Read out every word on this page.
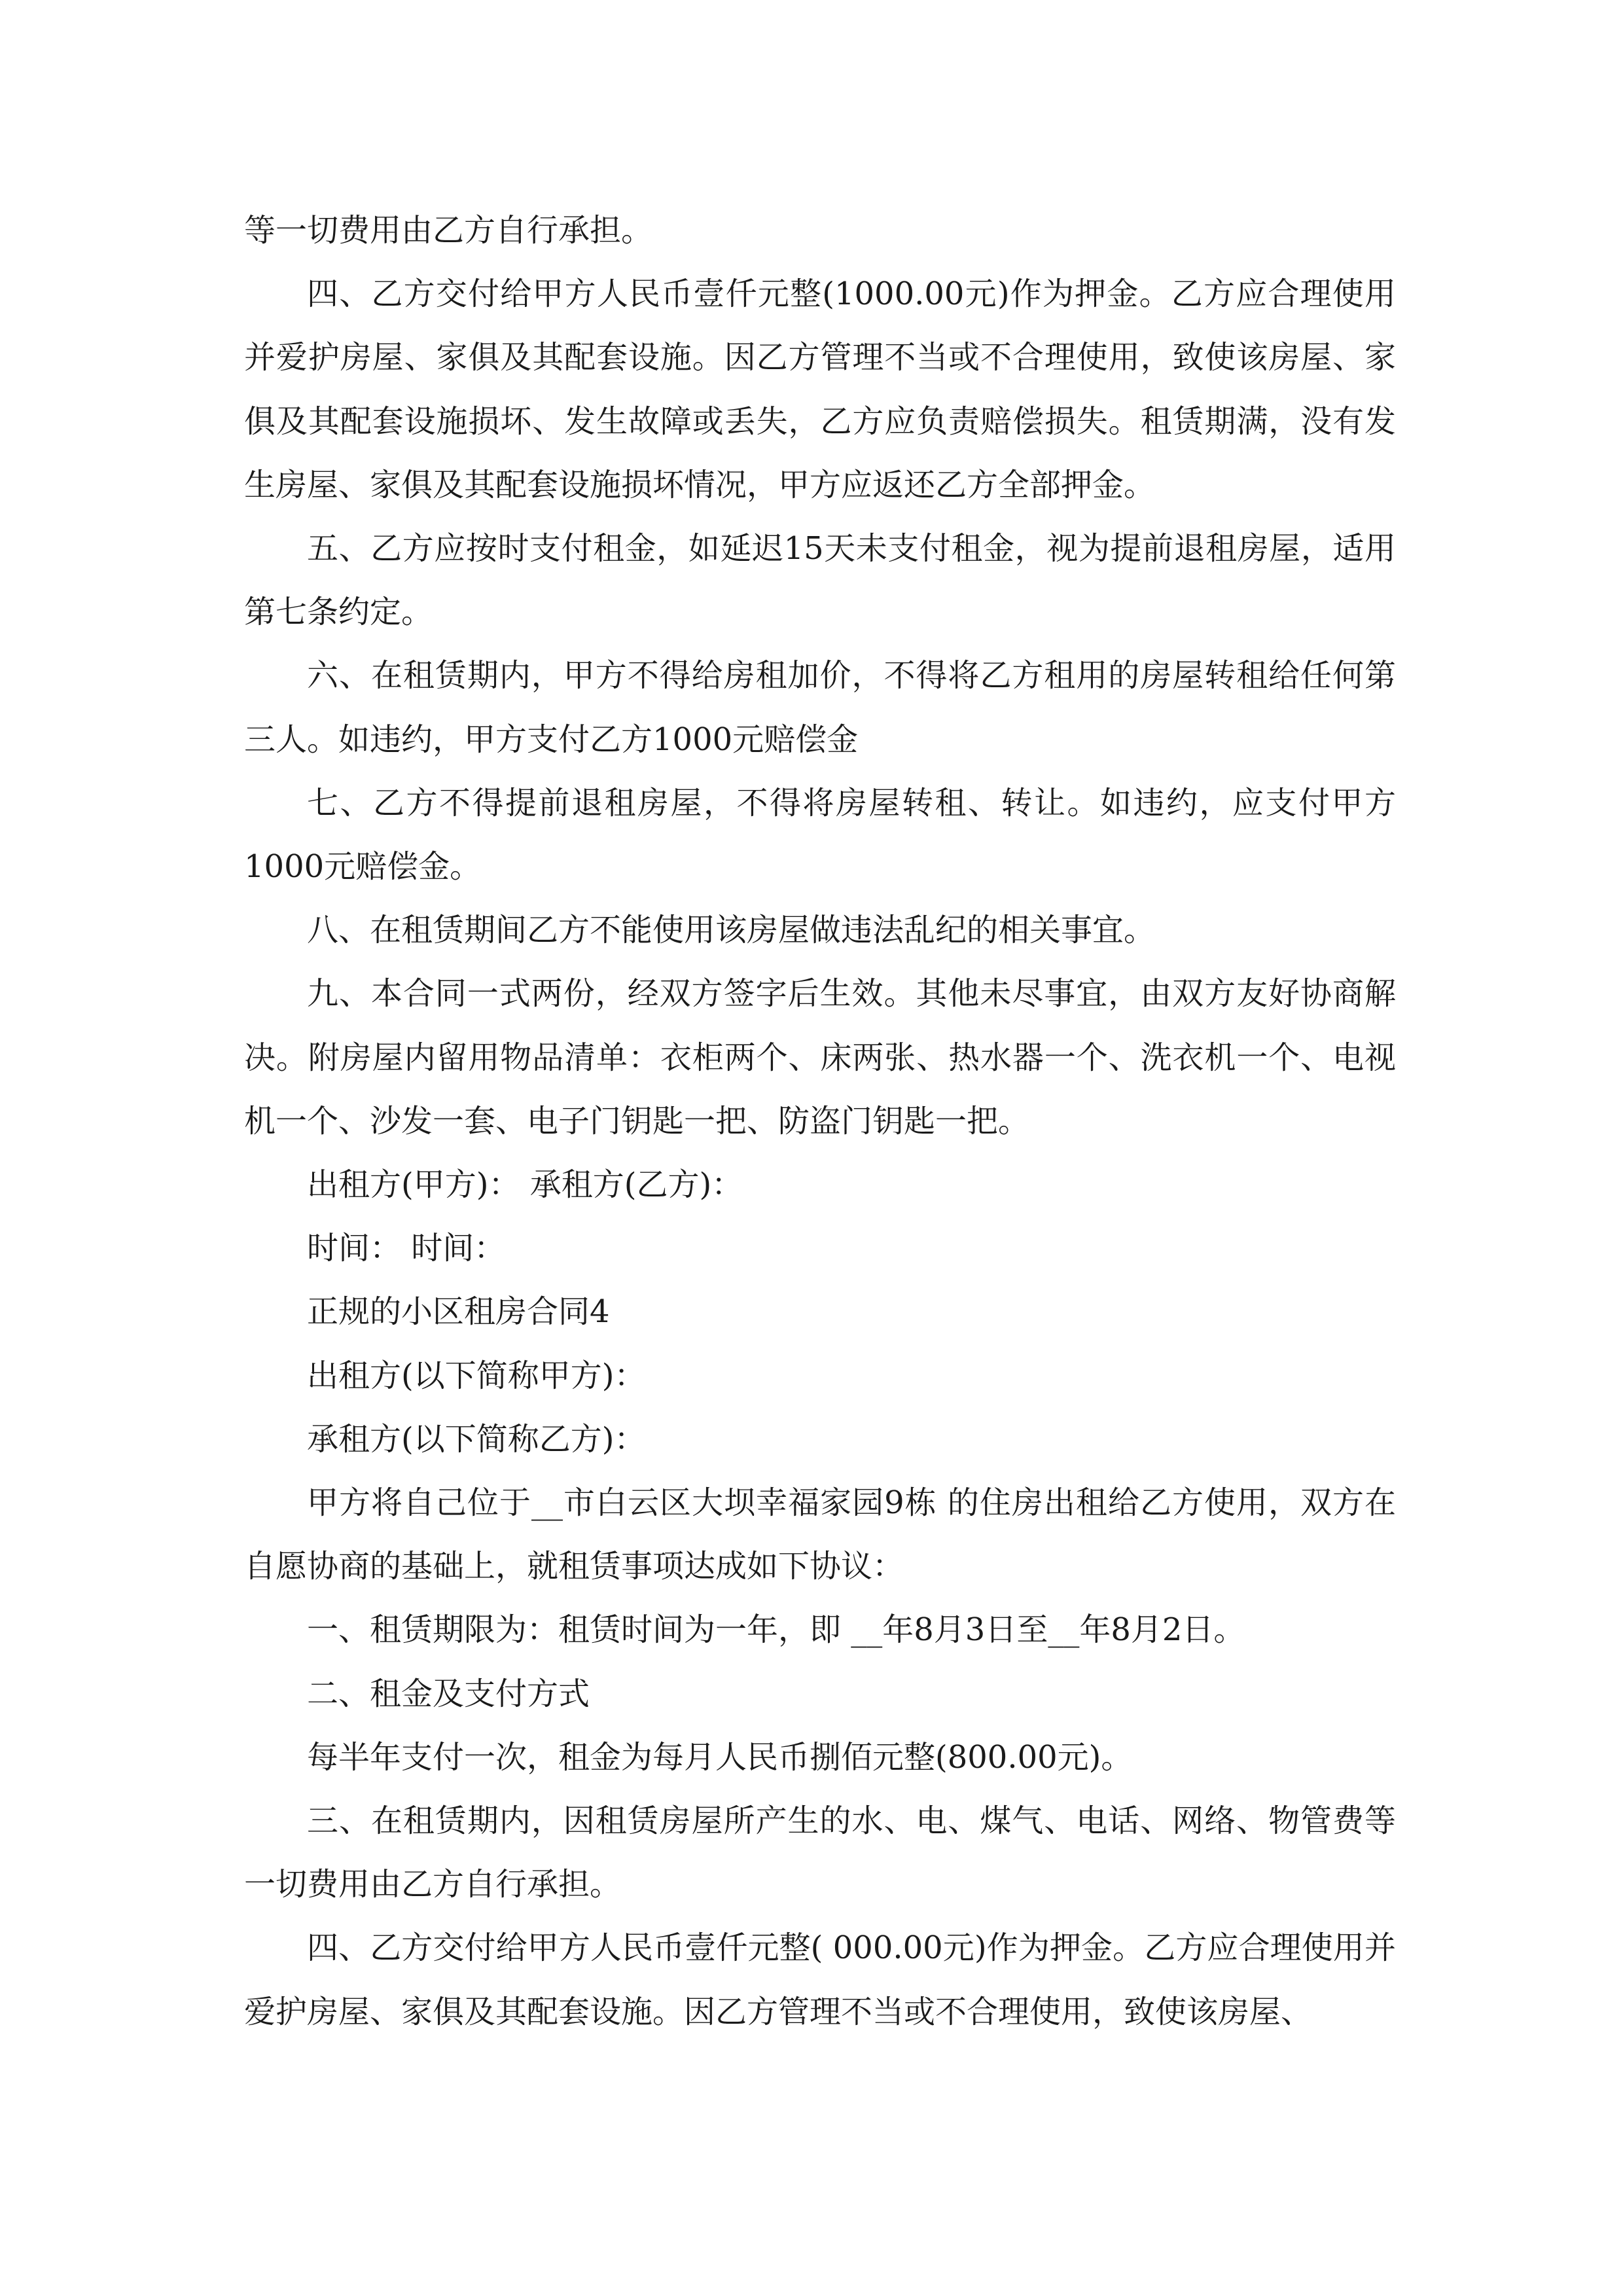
等一切费用由乙方自行承担。

四、乙方交付给甲方人民币壹仟元整(1000.00元)作为押金。乙方应合理使用并爱护房屋、家俱及其配套设施。因乙方管理不当或不合理使用，致使该房屋、家俱及其配套设施损坏、发生故障或丢失，乙方应负责赔偿损失。租赁期满，没有发生房屋、家俱及其配套设施损坏情况，甲方应返还乙方全部押金。

五、乙方应按时支付租金，如延迟15天未支付租金，视为提前退租房屋，适用第七条约定。

六、在租赁期内，甲方不得给房租加价，不得将乙方租用的房屋转租给任何第三人。如违约，甲方支付乙方1000元赔偿金

七、乙方不得提前退租房屋，不得将房屋转租、转让。如违约，应支付甲方1000元赔偿金。

八、在租赁期间乙方不能使用该房屋做违法乱纪的相关事宜。

九、本合同一式两份，经双方签字后生效。其他未尽事宜，由双方友好协商解决。附房屋内留用物品清单：衣柜两个、床两张、热水器一个、洗衣机一个、电视机一个、沙发一套、电子门钥匙一把、防盗门钥匙一把。

出租方(甲方)： 承租方(乙方)：

时间： 时间：

正规的小区租房合同4

出租方(以下简称甲方)：

承租方(以下简称乙方)：

甲方将自己位于__市白云区大坝幸福家园9栋 的住房出租给乙方使用，双方在自愿协商的基础上，就租赁事项达成如下协议：

一、租赁期限为：租赁时间为一年，即 __年8月3日至__年8月2日。

二、租金及支付方式

每半年支付一次，租金为每月人民币捌佰元整(800.00元)。

三、在租赁期内，因租赁房屋所产生的水、电、煤气、电话、网络、物管费等一切费用由乙方自行承担。

四、乙方交付给甲方人民币壹仟元整( 000.00元)作为押金。乙方应合理使用并爱护房屋、家俱及其配套设施。因乙方管理不当或不合理使用，致使该房屋、
